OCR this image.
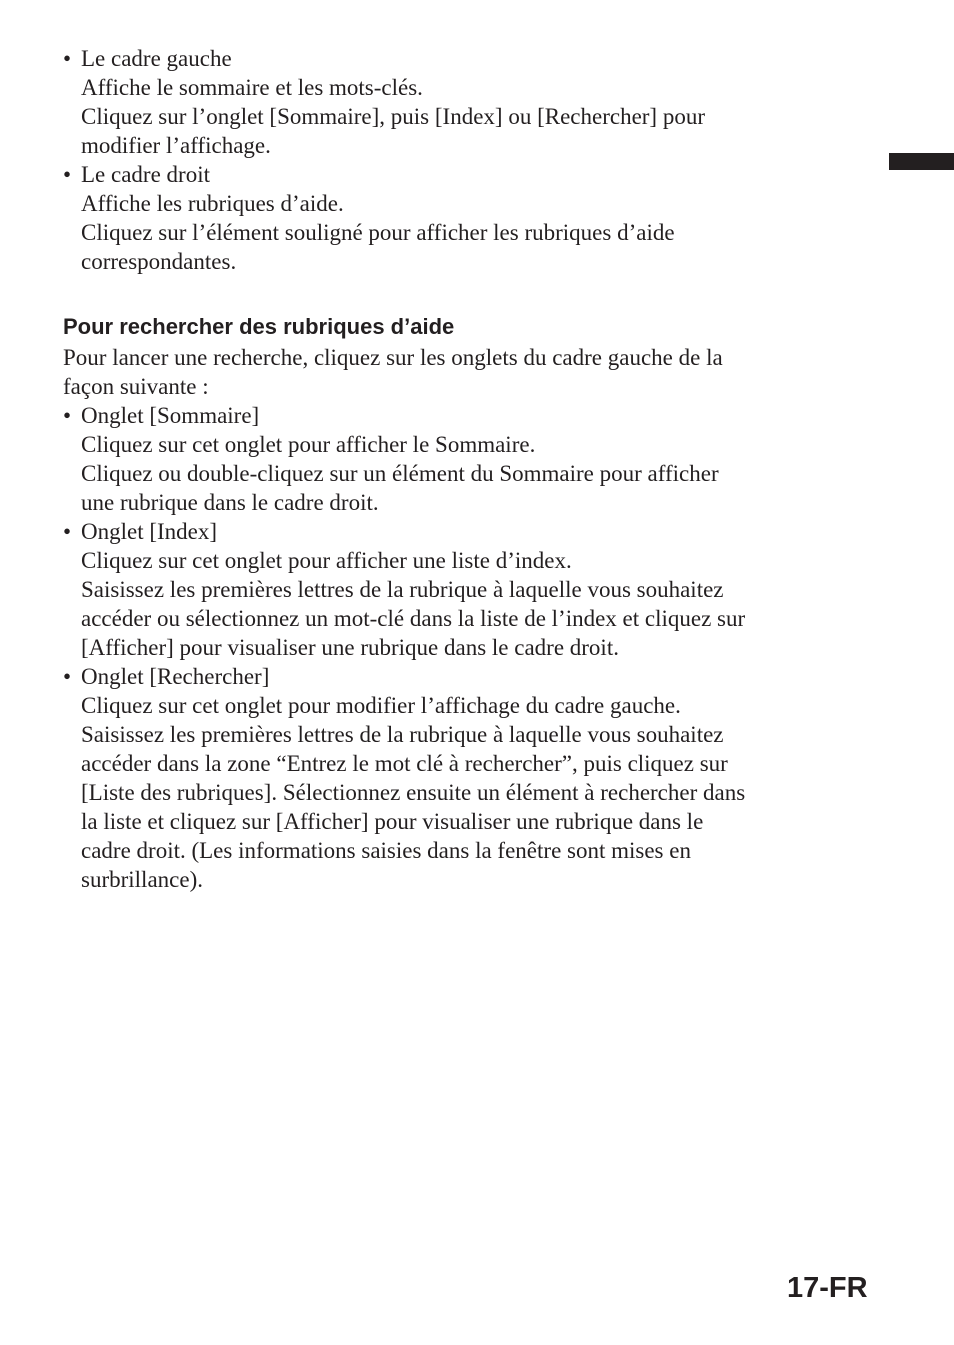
• Le cadre gauche
Affiche le sommaire et les mots-clés.
Cliquez sur l’onglet [Sommaire], puis [Index] ou [Rechercher] pour
modifier l’affichage.
• Le cadre droit
Affiche les rubriques d’aide.
Cliquez sur l’élément souligné pour afficher les rubriques d’aide
correspondantes.
Pour rechercher des rubriques d’aide
Pour lancer une recherche, cliquez sur les onglets du cadre gauche de la
façon suivante :
• Onglet [Sommaire]
Cliquez sur cet onglet pour afficher le Sommaire.
Cliquez ou double-cliquez sur un élément du Sommaire pour afficher
une rubrique dans le cadre droit.
• Onglet [Index]
Cliquez sur cet onglet pour afficher une liste d’index.
Saisissez les premières lettres de la rubrique à laquelle vous souhaitez
accéder ou sélectionnez un mot-clé dans la liste de l’index et cliquez sur
[Afficher] pour visualiser une rubrique dans le cadre droit.
• Onglet [Rechercher]
Cliquez sur cet onglet pour modifier l’affichage du cadre gauche.
Saisissez les premières lettres de la rubrique à laquelle vous souhaitez
accéder dans la zone “Entrez le mot clé à rechercher”, puis cliquez sur
[Liste des rubriques]. Sélectionnez ensuite un élément à rechercher dans
la liste et cliquez sur [Afficher] pour visualiser une rubrique dans le
cadre droit. (Les informations saisies dans la fenêtre sont mises en
surbrillance).
17-FR
